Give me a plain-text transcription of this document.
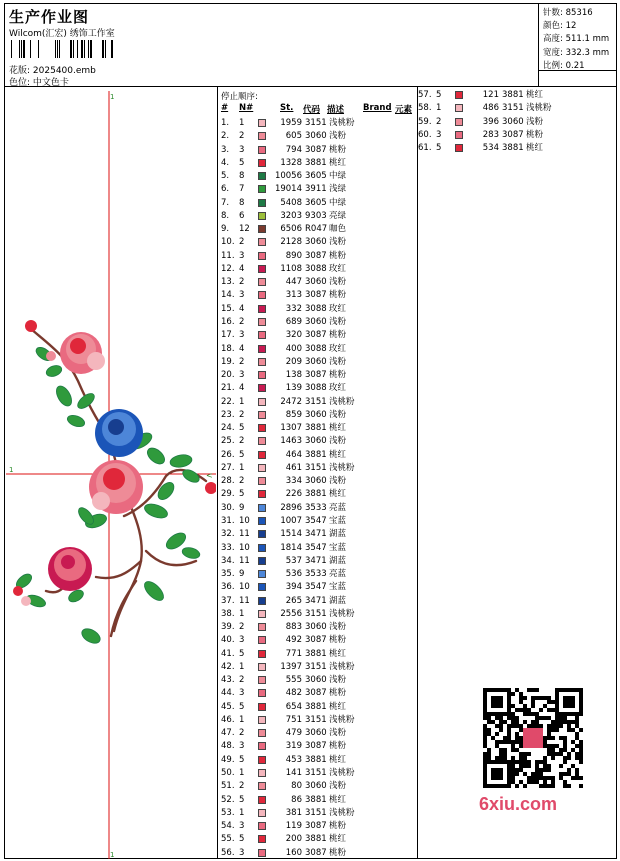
生产作业图
Wilcom(汇宏) 绣饰工作室
花版: 2025400.emb
色位: 中文色卡
针数: 85316
颜色: 12
高度: 511.1 mm
宽度: 332.3 mm
比例: 0.21
1
1
<
1
停止顺序:
# N#	St. 代码 描述 Brand 元素
1. 1	1959 3151 浅桃粉
2. 2	605 3060 浅粉
3. 3	794 3087 桃粉
4. 5	1328 3881 桃红
5. 8	10056 3605 中绿
6. 7	19014 3911 浅绿
7. 8	5408 3605 中绿
8. 6	3203 9303 亮绿
9. 12	6506 R047 咖色
10. 2	2128 3060 浅粉
11. 3	890 3087 桃粉
12. 4	1108 3088 玫红
13. 2	447 3060 浅粉
14. 3	313 3087 桃粉
15. 4	332 3088 玫红
16. 2	689 3060 浅粉
17. 3	320 3087 桃粉
18. 4	400 3088 玫红
19. 2	209 3060 浅粉
20. 3	138 3087 桃粉
21. 4	139 3088 玫红
22. 1	2472 3151 浅桃粉
23. 2	859 3060 浅粉
24. 5	1307 3881 桃红
25. 2	1463 3060 浅粉
26. 5	464 3881 桃红
27. 1	461 3151 浅桃粉
28. 2	334 3060 浅粉
29. 5	226 3881 桃红
30. 9	2896 3533 亮蓝
31. 10	1007 3547 宝蓝
32. 11	1514 3471 湖蓝
33. 10	1814 3547 宝蓝
34. 11	537 3471 湖蓝
35. 9	536 3533 亮蓝
36. 10	394 3547 宝蓝
37. 11	265 3471 湖蓝
38. 1	2556 3151 浅桃粉
39. 2	883 3060 浅粉
40. 3	492 3087 桃粉
41. 5	771 3881 桃红
42. 1	1397 3151 浅桃粉
43. 2	555 3060 浅粉
44. 3	482 3087 桃粉
45. 5	654 3881 桃红
46. 1	751 3151 浅桃粉
47. 2	479 3060 浅粉
48. 3	319 3087 桃粉
49. 5	453 3881 桃红
50. 1	141 3151 浅桃粉
51. 2	80 3060 浅粉
52. 5	86 3881 桃红
53. 1	381 3151 浅桃粉
54. 3	119 3087 桃粉
55. 5	200 3881 桃红
56. 3	160 3087 桃粉
57. 5	121 3881 桃红
58. 1	486 3151 浅桃粉
59. 2	396 3060 浅粉
60. 3	283 3087 桃粉
61. 5	534 3881 桃红
6xiu.com
